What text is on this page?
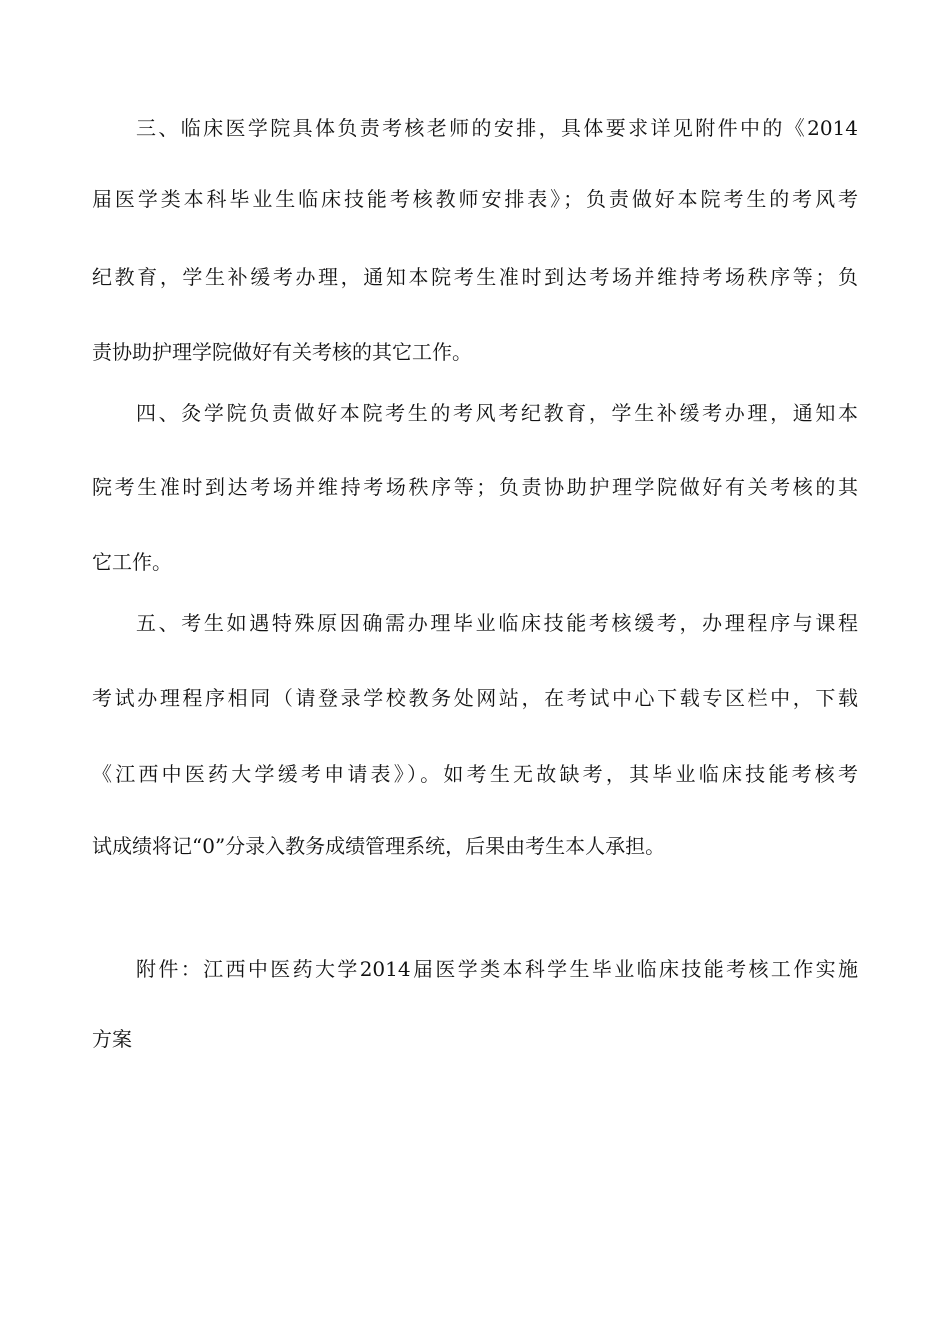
三、临床医学院具体负责考核老师的安排，具体要求详见附件中的《2014
届医学类本科毕业生临床技能考核教师安排表》；负责做好本院考生的考风考
纪教育，学生补缓考办理，通知本院考生准时到达考场并维持考场秩序等；负
责协助护理学院做好有关考核的其它工作。
四、灸学院负责做好本院考生的考风考纪教育，学生补缓考办理，通知本
院考生准时到达考场并维持考场秩序等；负责协助护理学院做好有关考核的其
它工作。
五、考生如遇特殊原因确需办理毕业临床技能考核缓考，办理程序与课程
考试办理程序相同（请登录学校教务处网站，在考试中心下载专区栏中，下载
《江西中医药大学缓考申请表》）。如考生无故缺考，其毕业临床技能考核考
试成绩将记“0”分录入教务成绩管理系统，后果由考生本人承担。
附件：江西中医药大学2014届医学类本科学生毕业临床技能考核工作实施
方案
